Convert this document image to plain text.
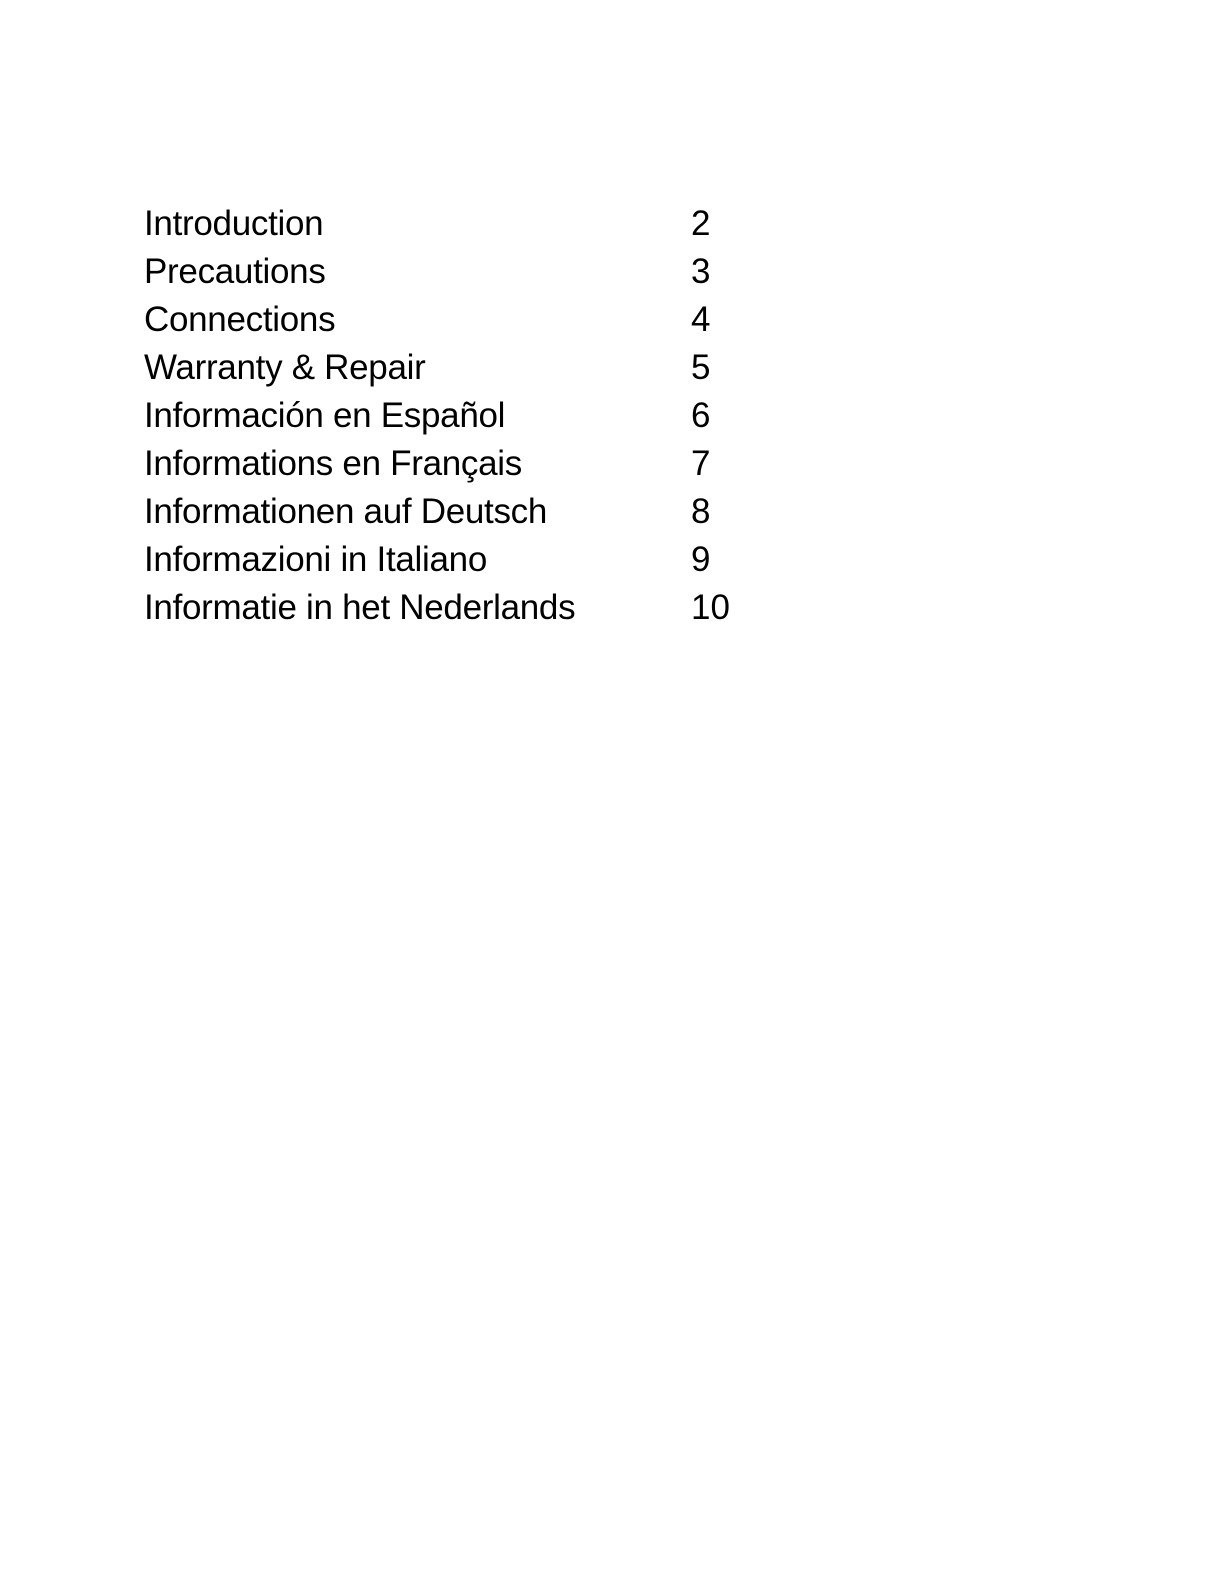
Introduction	2
Precautions	3
Connections	4
Warranty & Repair	5
Información en Español	6
Informations en Français	7
Informationen auf Deutsch	8
Informazioni in Italiano	9
Informatie in het Nederlands	10
